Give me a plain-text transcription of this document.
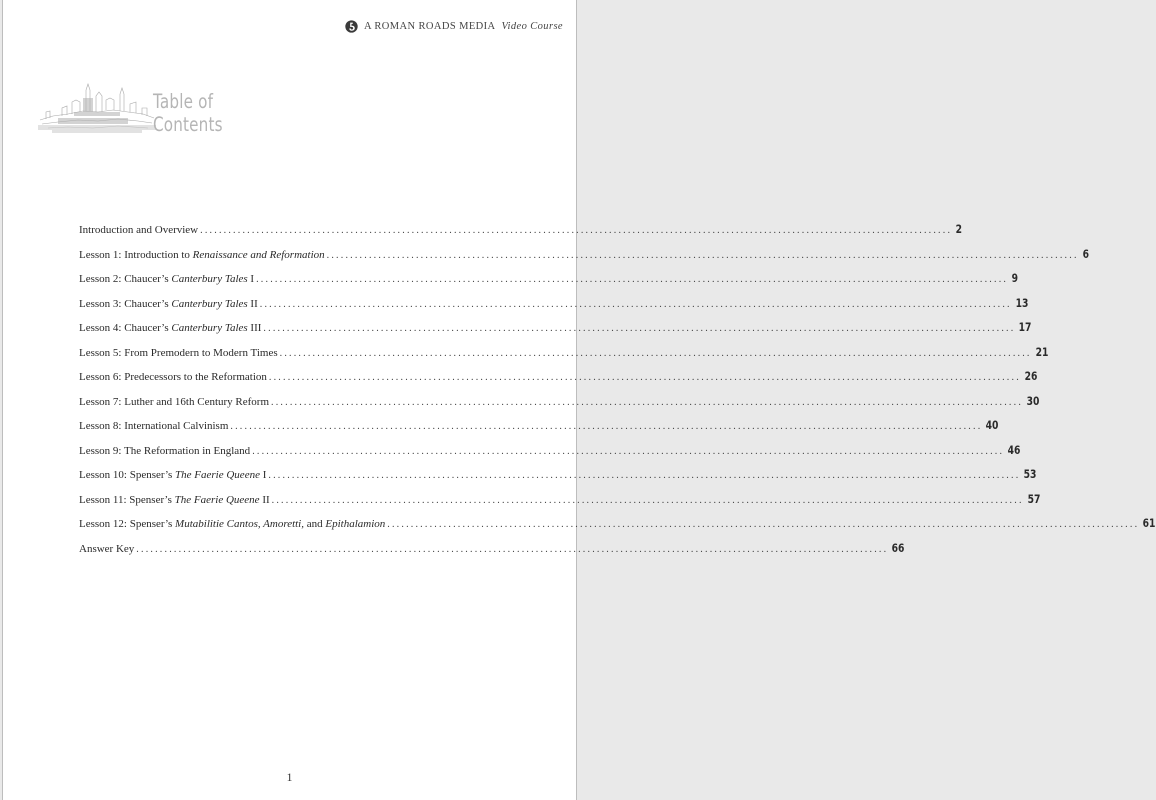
A ROMAN ROADS MEDIA Video Course
Table of
Contents
Introduction and Overview ................................................................................................................................................................ 2
Lesson 1: Introduction to Renaissance and Reformation ................................................................................................................................................................ 6
Lesson 2: Chaucer’s Canterbury Tales I ................................................................................................................................................................ 9
Lesson 3: Chaucer’s Canterbury Tales II ................................................................................................................................................................ 13
Lesson 4: Chaucer’s Canterbury Tales III ................................................................................................................................................................ 17
Lesson 5: From Premodern to Modern Times ................................................................................................................................................................ 21
Lesson 6: Predecessors to the Reformation ................................................................................................................................................................ 26
Lesson 7: Luther and 16th Century Reform ................................................................................................................................................................ 30
Lesson 8: International Calvinism ................................................................................................................................................................ 40
Lesson 9: The Reformation in England ................................................................................................................................................................ 46
Lesson 10: Spenser’s The Faerie Queene I ................................................................................................................................................................ 53
Lesson 11: Spenser’s The Faerie Queene II ................................................................................................................................................................ 57
Lesson 12: Spenser’s Mutabilitie Cantos, Amoretti, and Epithalamion ................................................................................................................................................................ 61
Answer Key ................................................................................................................................................................ 66
1
